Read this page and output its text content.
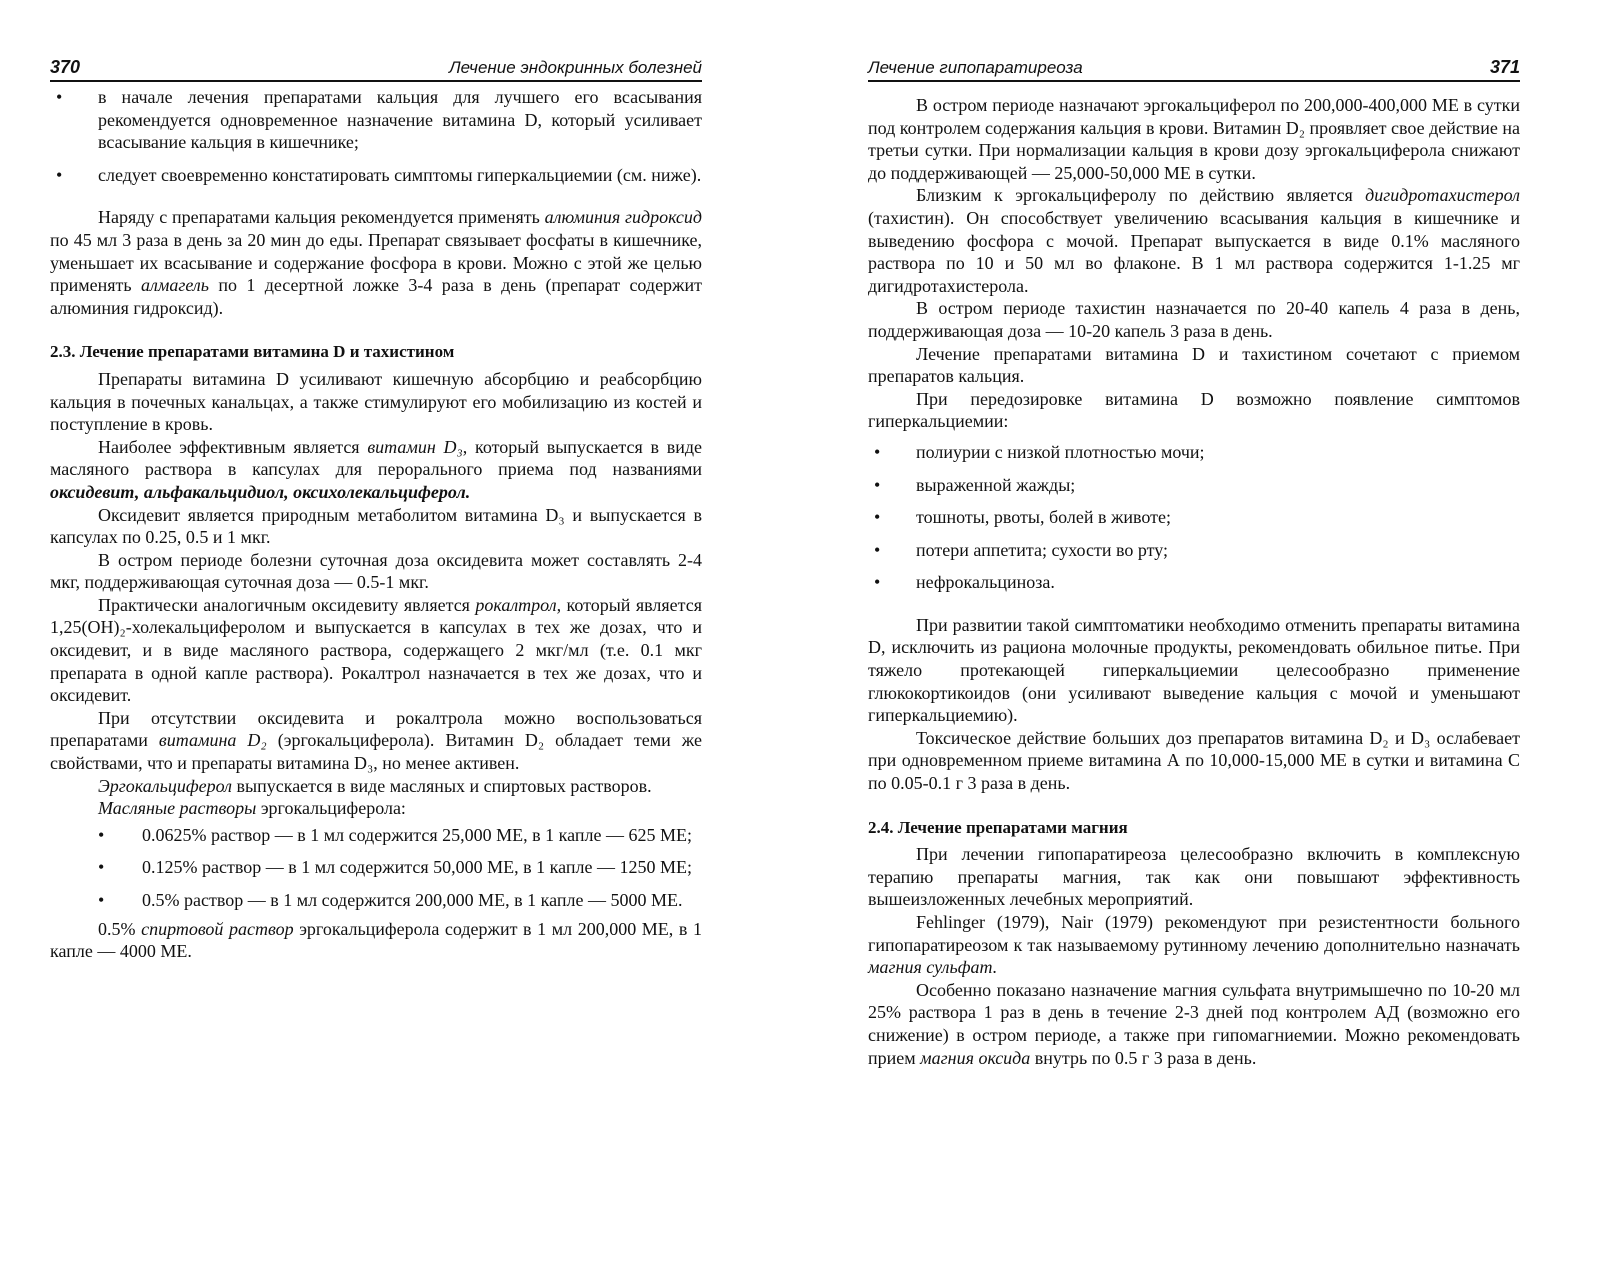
370	Лечение эндокринных болезней
• в начале лечения препаратами кальция для лучшего его всасывания рекомендуется одновременное назначение витамина D, который усиливает всасывание кальция в кишечнике;
• следует своевременно констатировать симптомы гиперкальциемии (см. ниже).

Наряду с препаратами кальция рекомендуется применять алюминия гидроксид по 45 мл 3 раза в день за 20 мин до еды. Препарат связывает фосфаты в кишечнике, уменьшает их всасывание и содержание фосфора в крови. Можно с этой же целью применять алмагель по 1 десертной ложке 3-4 раза в день (препарат содержит алюминия гидроксид).

2.3. Лечение препаратами витамина D и тахистином

Препараты витамина D усиливают кишечную абсорбцию и реабсорбцию кальция в почечных канальцах, а также стимулируют его мобилизацию из костей и поступление в кровь.

Наиболее эффективным является витамин D₃, который выпускается в виде масляного раствора в капсулах для перорального приема под названиями оксидевит, альфакальцидиол, оксихолекальциферол.

Оксидевит является природным метаболитом витамина D₃ и выпускается в капсулах по 0.25, 0.5 и 1 мкг.

В остром периоде болезни суточная доза оксидевита может составлять 2-4 мкг, поддерживающая суточная доза — 0.5-1 мкг.

Практически аналогичным оксидевиту является рокалтрол, который является 1,25(ОН)₂-холекальциферолом и выпускается в капсулах в тех же дозах, что и оксидевит, и в виде масляного раствора, содержащего 2 мкг/мл (т.е. 0.1 мкг препарата в одной капле раствора). Рокалтрол назначается в тех же дозах, что и оксидевит.

При отсутствии оксидевита и рокалтрола можно воспользоваться препаратами витамина D₂ (эргокальциферола). Витамин D₂ обладает теми же свойствами, что и препараты витамина D₃, но менее активен.

Эргокальциферол выпускается в виде масляных и спиртовых растворов.

Масляные растворы эргокальциферола:

• 0.0625% раствор — в 1 мл содержится 25,000 МЕ, в 1 капле — 625 МЕ;
• 0.125% раствор — в 1 мл содержится 50,000 МЕ, в 1 капле — 1250 МЕ;
• 0.5% раствор — в 1 мл содержится 200,000 МЕ, в 1 капле — 5000 МЕ.

0.5% спиртовой раствор эргокальциферола содержит в 1 мл 200,000 МЕ, в 1 капле — 4000 МЕ.

Лечение гипопаратиреоза	371

В остром периоде назначают эргокальциферол по 200,000-400,000 МЕ в сутки под контролем содержания кальция в крови. Витамин D₂ проявляет свое действие на третьи сутки. При нормализации кальция в крови дозу эргокальциферола снижают до поддерживающей — 25,000-50,000 МЕ в сутки.

Близким к эргокальциферолу по действию является дигидротахистерол (тахистин). Он способствует увеличению всасывания кальция в кишечнике и выведению фосфора с мочой. Препарат выпускается в виде 0.1% масляного раствора по 10 и 50 мл во флаконе. В 1 мл раствора содержится 1-1.25 мг дигидротахистерола.

В остром периоде тахистин назначается по 20-40 капель 4 раза в день, поддерживающая доза — 10-20 капель 3 раза в день.

Лечение препаратами витамина D и тахистином сочетают с приемом препаратов кальция.

При передозировке витамина D возможно появление симптомов гиперкальциемии:

• полиурии с низкой плотностью мочи;
• выраженной жажды;
• тошноты, рвоты, болей в животе;
• потери аппетита; сухости во рту;
• нефрокальциноза.

При развитии такой симптоматики необходимо отменить препараты витамина D, исключить из рациона молочные продукты, рекомендовать обильное питье. При тяжело протекающей гиперкальциемии целесообразно применение глюкокортикоидов (они усиливают выведение кальция с мочой и уменьшают гиперкальциемию).

Токсическое действие больших доз препаратов витамина D₂ и D₃ ослабевает при одновременном приеме витамина А по 10,000-15,000 МЕ в сутки и витамина С по 0.05-0.1 г 3 раза в день.

2.4. Лечение препаратами магния

При лечении гипопаратиреоза целесообразно включить в комплексную терапию препараты магния, так как они повышают эффективность вышеизложенных лечебных мероприятий.

Fehlinger (1979), Nair (1979) рекомендуют при резистентности больного гипопаратиреозом к так называемому рутинному лечению дополнительно назначать магния сульфат.

Особенно показано назначение магния сульфата внутримышечно по 10-20 мл 25% раствора 1 раз в день в течение 2-3 дней под контролем АД (возможно его снижение) в остром периоде, а также при гипомагниемии. Можно рекомендовать прием магния оксида внутрь по 0.5 г 3 раза в день.
